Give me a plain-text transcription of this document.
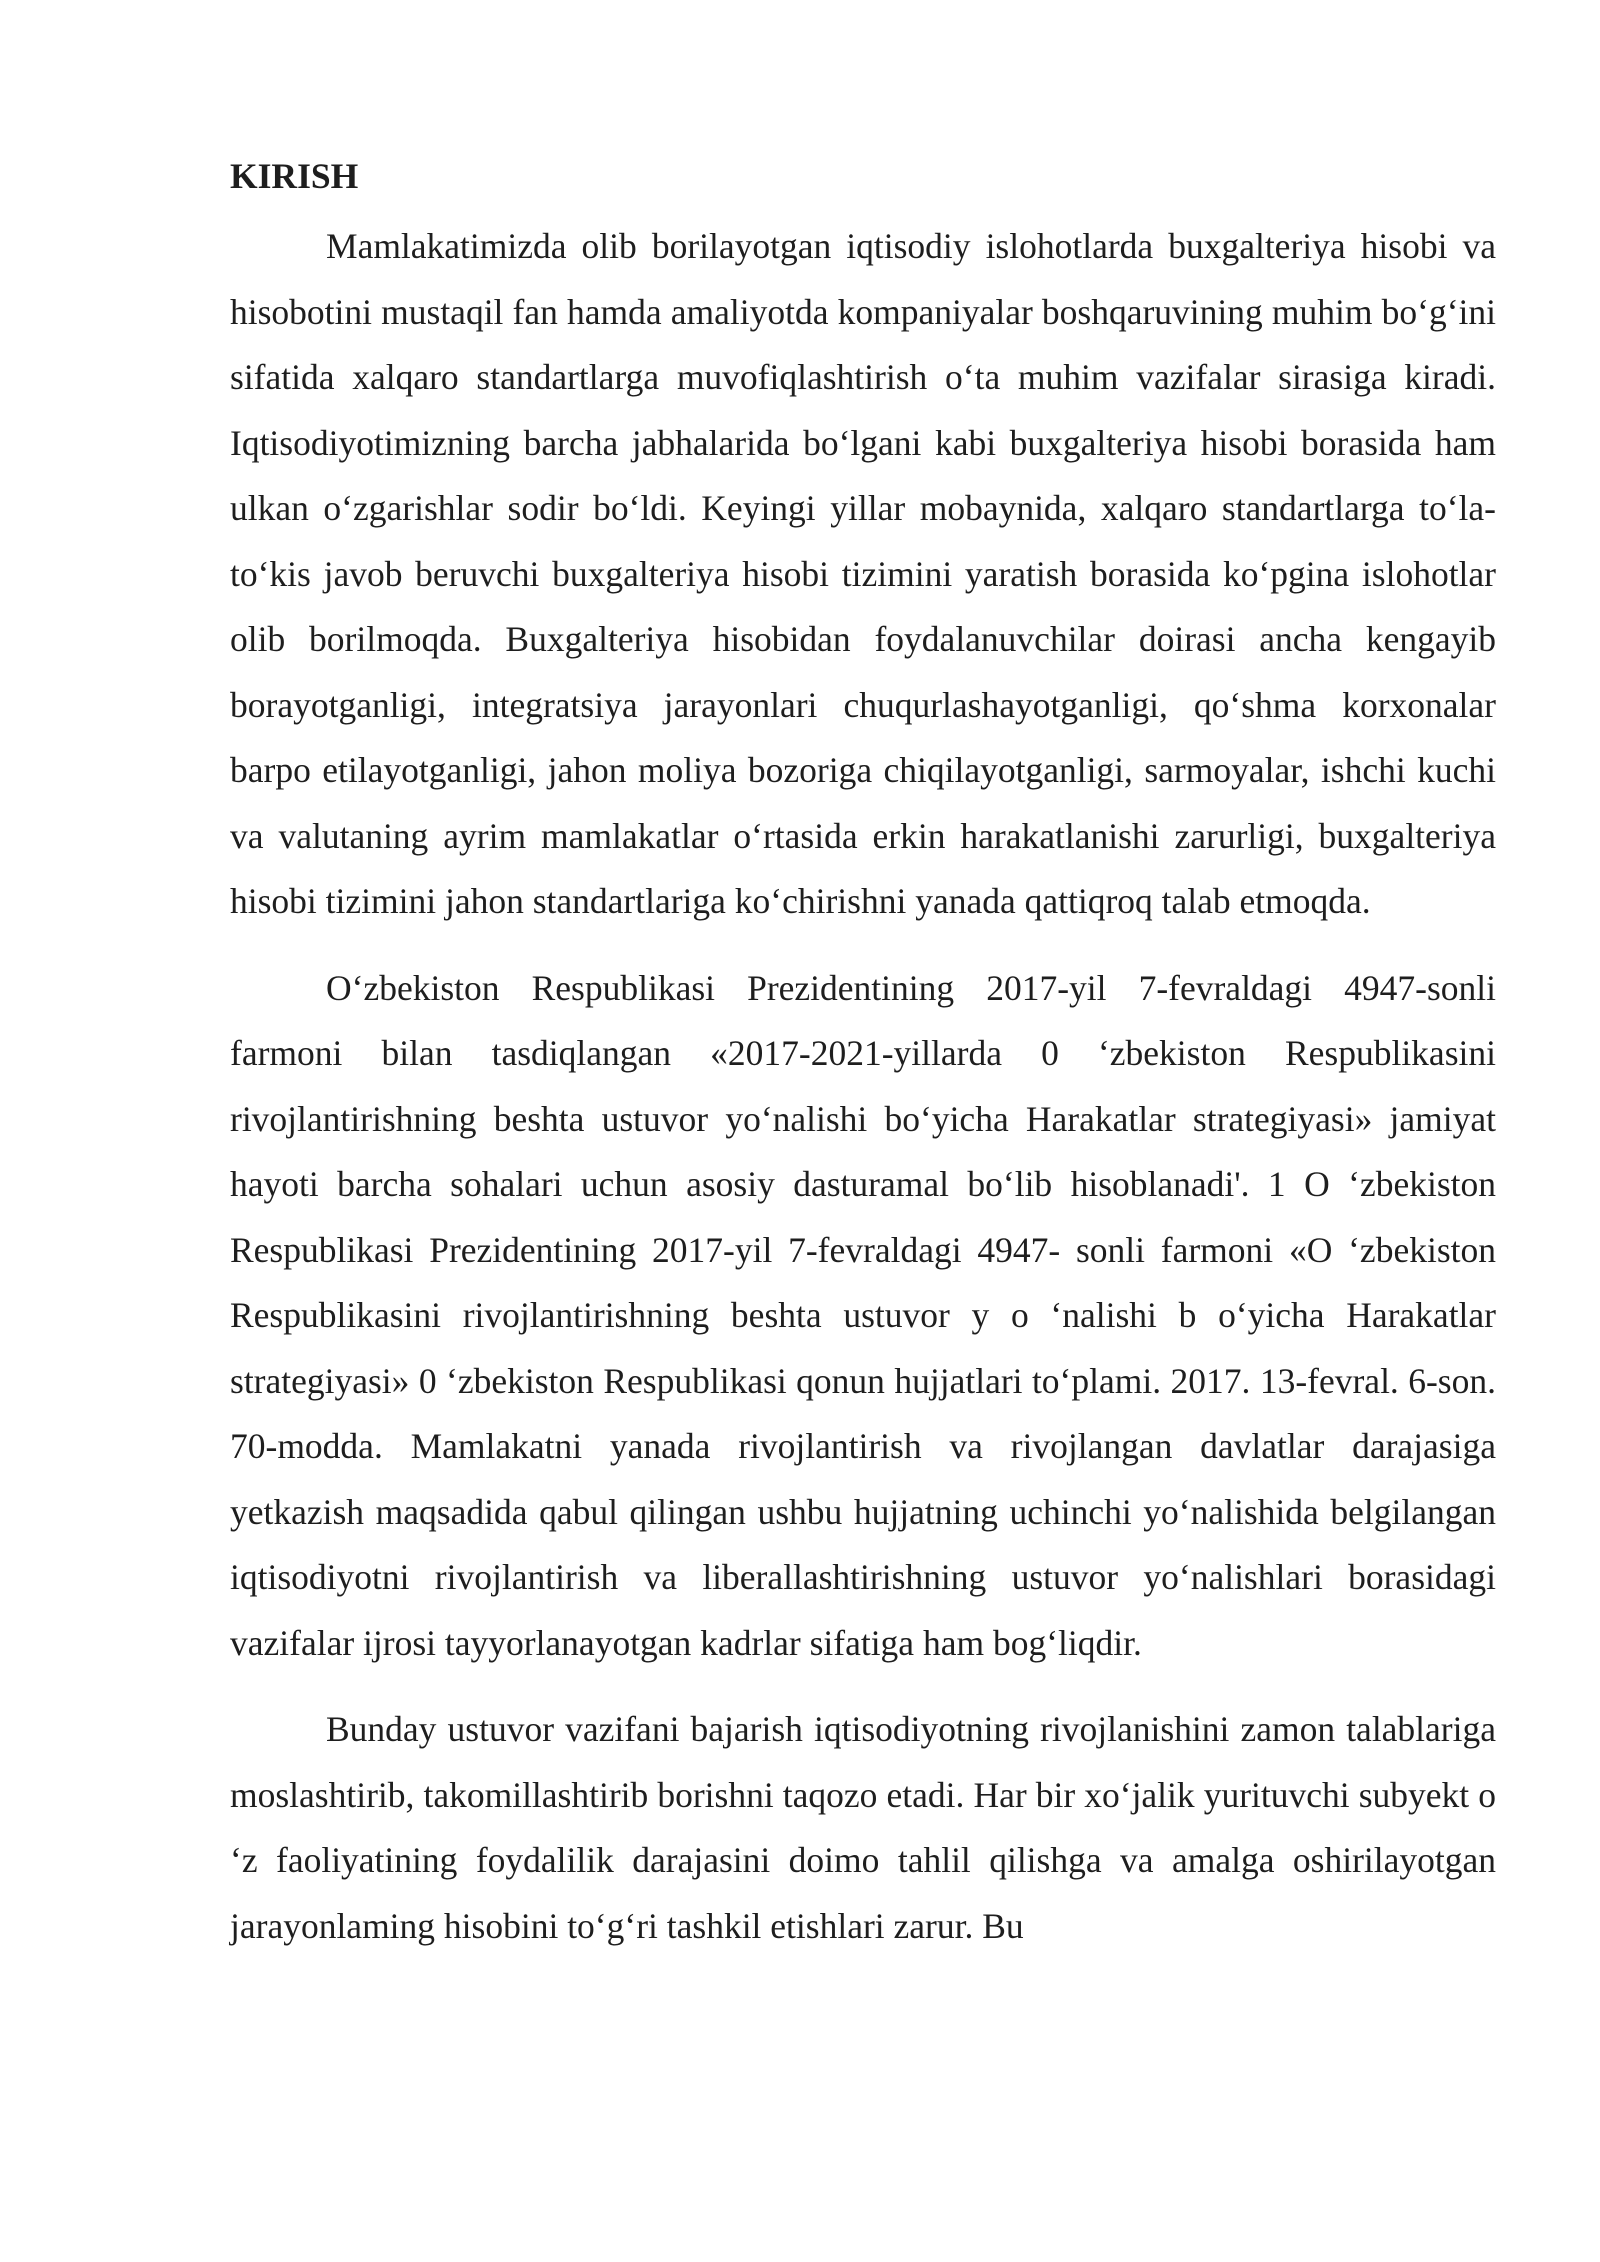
KIRISH

Mamlakatimizda olib borilayotgan iqtisodiy islohotlarda buxgalteriya hisobi va hisobotini mustaqil fan hamda amaliyotda kompaniyalar boshqaruvining muhim bo‘g‘ini sifatida xalqaro standartlarga muvofiqlashtirish o‘ta muhim vazifalar sirasiga kiradi. Iqtisodiyotimizning barcha jabhalarida bo‘lgani kabi buxgalteriya hisobi borasida ham ulkan o‘zgarishlar sodir bo‘ldi. Keyingi yillar mobaynida, xalqaro standartlarga to‘la-to‘kis javob beruvchi buxgalteriya hisobi tizimini yaratish borasida ko‘pgina islohotlar olib borilmoqda. Buxgalteriya hisobidan foydalanuvchilar doirasi ancha kengayib borayotganligi, integratsiya jarayonlari chuqurlashayotganligi, qo‘shma korxonalar barpo etilayotganligi, jahon moliya bozoriga chiqilayotganligi, sarmoyalar, ishchi kuchi va valutaning ayrim mamlakatlar o‘rtasida erkin harakatlanishi zarurligi, buxgalteriya hisobi tizimini jahon standartlariga ko‘chirishni yanada qattiqroq talab etmoqda.

O‘zbekiston Respublikasi Prezidentining 2017-yil 7-fevraldagi 4947-sonli farmoni bilan tasdiqlangan «2017-2021-yillarda 0 ‘zbekiston Respublikasini rivojlantirishning beshta ustuvor yo‘nalishi bo‘yicha Harakatlar strategiyasi» jamiyat hayoti barcha sohalari uchun asosiy dasturamal bo‘lib hisoblanadi'. 1 O ‘zbekiston Respublikasi Prezidentining 2017-yil 7-fevraldagi 4947- sonli farmoni «O ‘zbekiston Respublikasini rivojlantirishning beshta ustuvor y o ‘nalishi b o‘yicha Harakatlar strategiyasi» 0 ‘zbekiston Respublikasi qonun hujjatlari to‘plami. 2017. 13-fevral. 6-son. 70-modda. Mamlakatni yanada rivojlantirish va rivojlangan davlatlar darajasiga yetkazish maqsadida qabul qilingan ushbu hujjatning uchinchi yo‘nalishida belgilangan iqtisodiyotni rivojlantirish va liberallashtirishning ustuvor yo‘nalishlari borasidagi vazifalar ijrosi tayyorlanayotgan kadrlar sifatiga ham bog‘liqdir.

Bunday ustuvor vazifani bajarish iqtisodiyotning rivojlanishini zamon talablariga moslashtirib, takomillashtirib borishni taqozo etadi. Har bir xo‘jalik yurituvchi subyekt o ‘z faoliyatining foydalilik darajasini doimo tahlil qilishga va amalga oshirilayotgan jarayonlaming hisobini to‘g‘ri tashkil etishlari zarur. Bu
